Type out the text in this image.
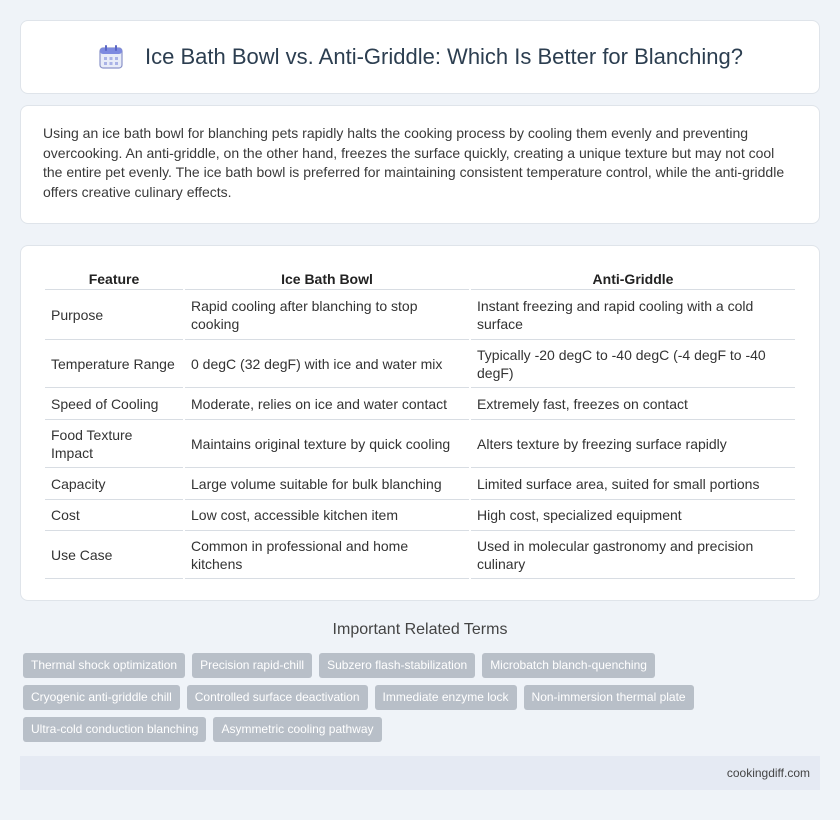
Ice Bath Bowl vs. Anti-Griddle: Which Is Better for Blanching?

Using an ice bath bowl for blanching pets rapidly halts the cooking process by cooling them evenly and preventing overcooking. An anti-griddle, on the other hand, freezes the surface quickly, creating a unique texture but may not cool the entire pet evenly. The ice bath bowl is preferred for maintaining consistent temperature control, while the anti-griddle offers creative culinary effects.

Feature	Ice Bath Bowl	Anti-Griddle
Purpose	Rapid cooling after blanching to stop cooking	Instant freezing and rapid cooling with a cold surface
Temperature Range	0 degC (32 degF) with ice and water mix	Typically -20 degC to -40 degC (-4 degF to -40 degF)
Speed of Cooling	Moderate, relies on ice and water contact	Extremely fast, freezes on contact
Food Texture Impact	Maintains original texture by quick cooling	Alters texture by freezing surface rapidly
Capacity	Large volume suitable for bulk blanching	Limited surface area, suited for small portions
Cost	Low cost, accessible kitchen item	High cost, specialized equipment
Use Case	Common in professional and home kitchens	Used in molecular gastronomy and precision culinary
Important Related Terms
Thermal shock optimization	Precision rapid-chill	Subzero flash-stabilization	Microbatch blanch-quenching
Cryogenic anti-griddle chill	Controlled surface deactivation	Immediate enzyme lock	Non-immersion thermal plate
Ultra-cold conduction blanching	Asymmetric cooling pathway
cookingdiff.com
